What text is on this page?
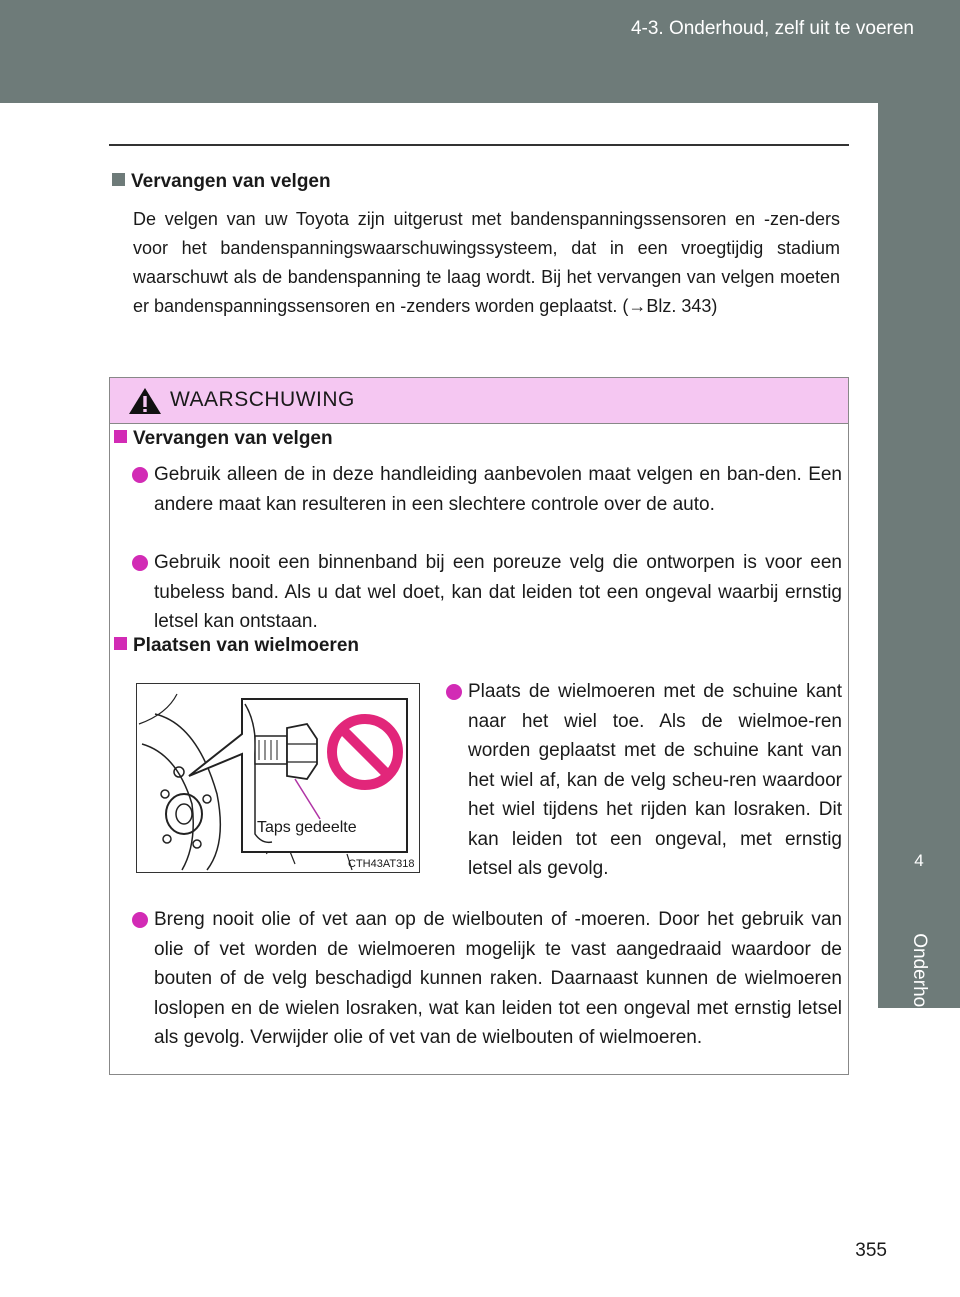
4-3. Onderhoud, zelf uit te voeren
4
Onderhoud en verzorging
Vervangen van velgen
De velgen van uw Toyota zijn uitgerust met bandenspanningssensoren en -zen-ders voor het bandenspanningswaarschuwingssysteem, dat in een vroegtijdig stadium waarschuwt als de bandenspanning te laag wordt. Bij het vervangen van velgen moeten er bandenspanningssensoren en -zenders worden geplaatst. (→Blz. 343)
WAARSCHUWING
Vervangen van velgen
Gebruik alleen de in deze handleiding aanbevolen maat velgen en ban-den. Een andere maat kan resulteren in een slechtere controle over de auto.
Gebruik nooit een binnenband bij een poreuze velg die ontworpen is voor een tubeless band. Als u dat wel doet, kan dat leiden tot een ongeval waarbij ernstig letsel kan ontstaan.
Plaatsen van wielmoeren
Taps gedeelte
CTH43AT318
Plaats de wielmoeren met de schuine kant naar het wiel toe. Als de wielmoe-ren worden geplaatst met de schuine kant van het wiel af, kan de velg scheu-ren waardoor het wiel tijdens het rijden kan losraken. Dit kan leiden tot een ongeval, met ernstig letsel als gevolg.
Breng nooit olie of vet aan op de wielbouten of -moeren. Door het gebruik van olie of vet worden de wielmoeren mogelijk te vast aangedraaid waardoor de bouten of de velg beschadigd kunnen raken. Daarnaast kunnen de wielmoeren loslopen en de wielen losraken, wat kan leiden tot een ongeval met ernstig letsel als gevolg. Verwijder olie of vet van de wielbouten of wielmoeren.
355
